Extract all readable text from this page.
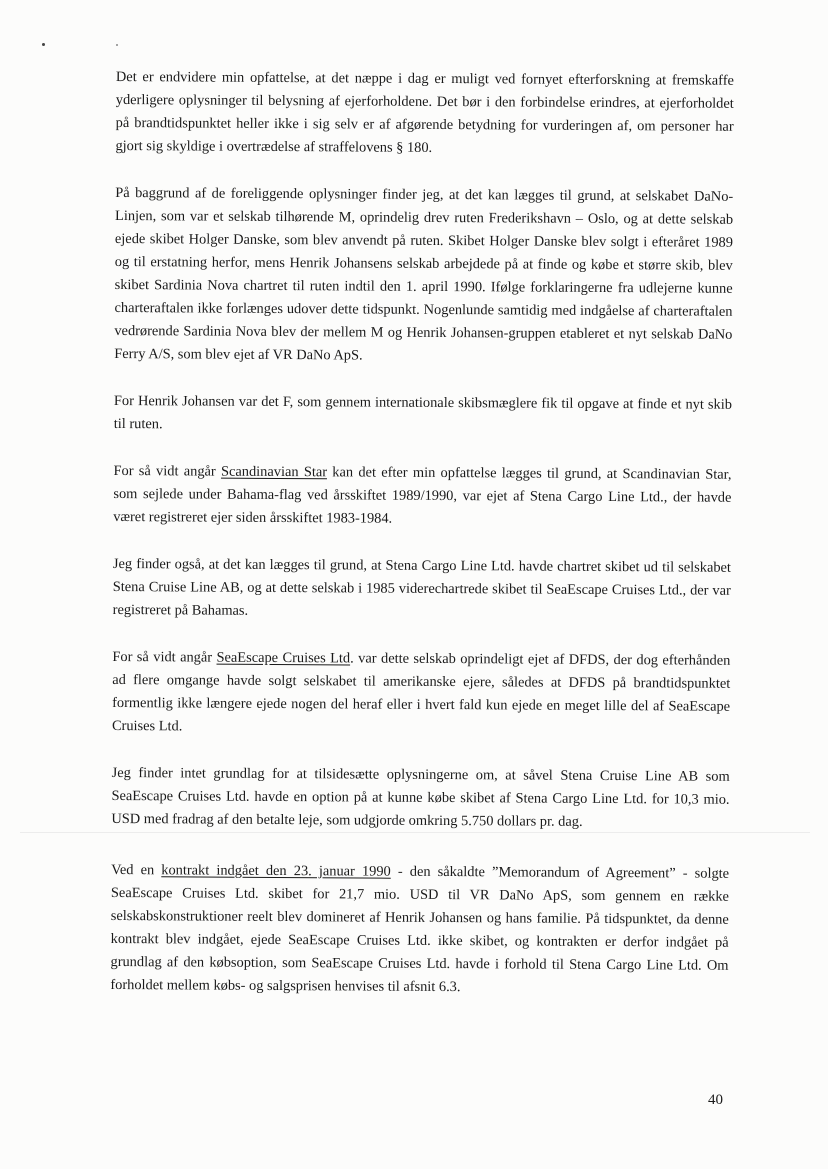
Det er endvidere min opfattelse, at det næppe i dag er muligt ved fornyet efterforskning at fremskaffe yderligere oplysninger til belysning af ejerforholdene. Det bør i den forbindelse erindres, at ejerforholdet på brandtidspunktet heller ikke i sig selv er af afgørende betydning for vurderingen af, om personer har gjort sig skyldige i overtrædelse af straffelovens § 180.

På baggrund af de foreliggende oplysninger finder jeg, at det kan lægges til grund, at selskabet DaNo-Linjen, som var et selskab tilhørende M, oprindelig drev ruten Frederikshavn – Oslo, og at dette selskab ejede skibet Holger Danske, som blev anvendt på ruten. Skibet Holger Danske blev solgt i efteråret 1989 og til erstatning herfor, mens Henrik Johansens selskab arbejdede på at finde og købe et større skib, blev skibet Sardinia Nova chartret til ruten indtil den 1. april 1990. Ifølge forklaringerne fra udlejerne kunne charteraftalen ikke forlænges udover dette tidspunkt. Nogenlunde samtidig med indgåelse af charteraftalen vedrørende Sardinia Nova blev der mellem M og Henrik Johansen-gruppen etableret et nyt selskab DaNo Ferry A/S, som blev ejet af VR DaNo ApS.

For Henrik Johansen var det F, som gennem internationale skibsmæglere fik til opgave at finde et nyt skib til ruten.

For så vidt angår Scandinavian Star kan det efter min opfattelse lægges til grund, at Scandinavian Star, som sejlede under Bahama-flag ved årsskiftet 1989/1990, var ejet af Stena Cargo Line Ltd., der havde været registreret ejer siden årsskiftet 1983-1984.

Jeg finder også, at det kan lægges til grund, at Stena Cargo Line Ltd. havde chartret skibet ud til selskabet Stena Cruise Line AB, og at dette selskab i 1985 viderechartrede skibet til SeaEscape Cruises Ltd., der var registreret på Bahamas.

For så vidt angår SeaEscape Cruises Ltd. var dette selskab oprindeligt ejet af DFDS, der dog efterhånden ad flere omgange havde solgt selskabet til amerikanske ejere, således at DFDS på brandtidspunktet formentlig ikke længere ejede nogen del heraf eller i hvert fald kun ejede en meget lille del af SeaEscape Cruises Ltd.

Jeg finder intet grundlag for at tilsidesætte oplysningerne om, at såvel Stena Cruise Line AB som SeaEscape Cruises Ltd. havde en option på at kunne købe skibet af Stena Cargo Line Ltd. for 10,3 mio. USD med fradrag af den betalte leje, som udgjorde omkring 5.750 dollars pr. dag.

Ved en kontrakt indgået den 23. januar 1990 - den såkaldte ”Memorandum of Agreement” - solgte SeaEscape Cruises Ltd. skibet for 21,7 mio. USD til VR DaNo ApS, som gennem en række selskabskonstruktioner reelt blev domineret af Henrik Johansen og hans familie. På tidspunktet, da denne kontrakt blev indgået, ejede SeaEscape Cruises Ltd. ikke skibet, og kontrakten er derfor indgået på grundlag af den købsoption, som SeaEscape Cruises Ltd. havde i forhold til Stena Cargo Line Ltd. Om forholdet mellem købs- og salgsprisen henvises til afsnit 6.3.

40
